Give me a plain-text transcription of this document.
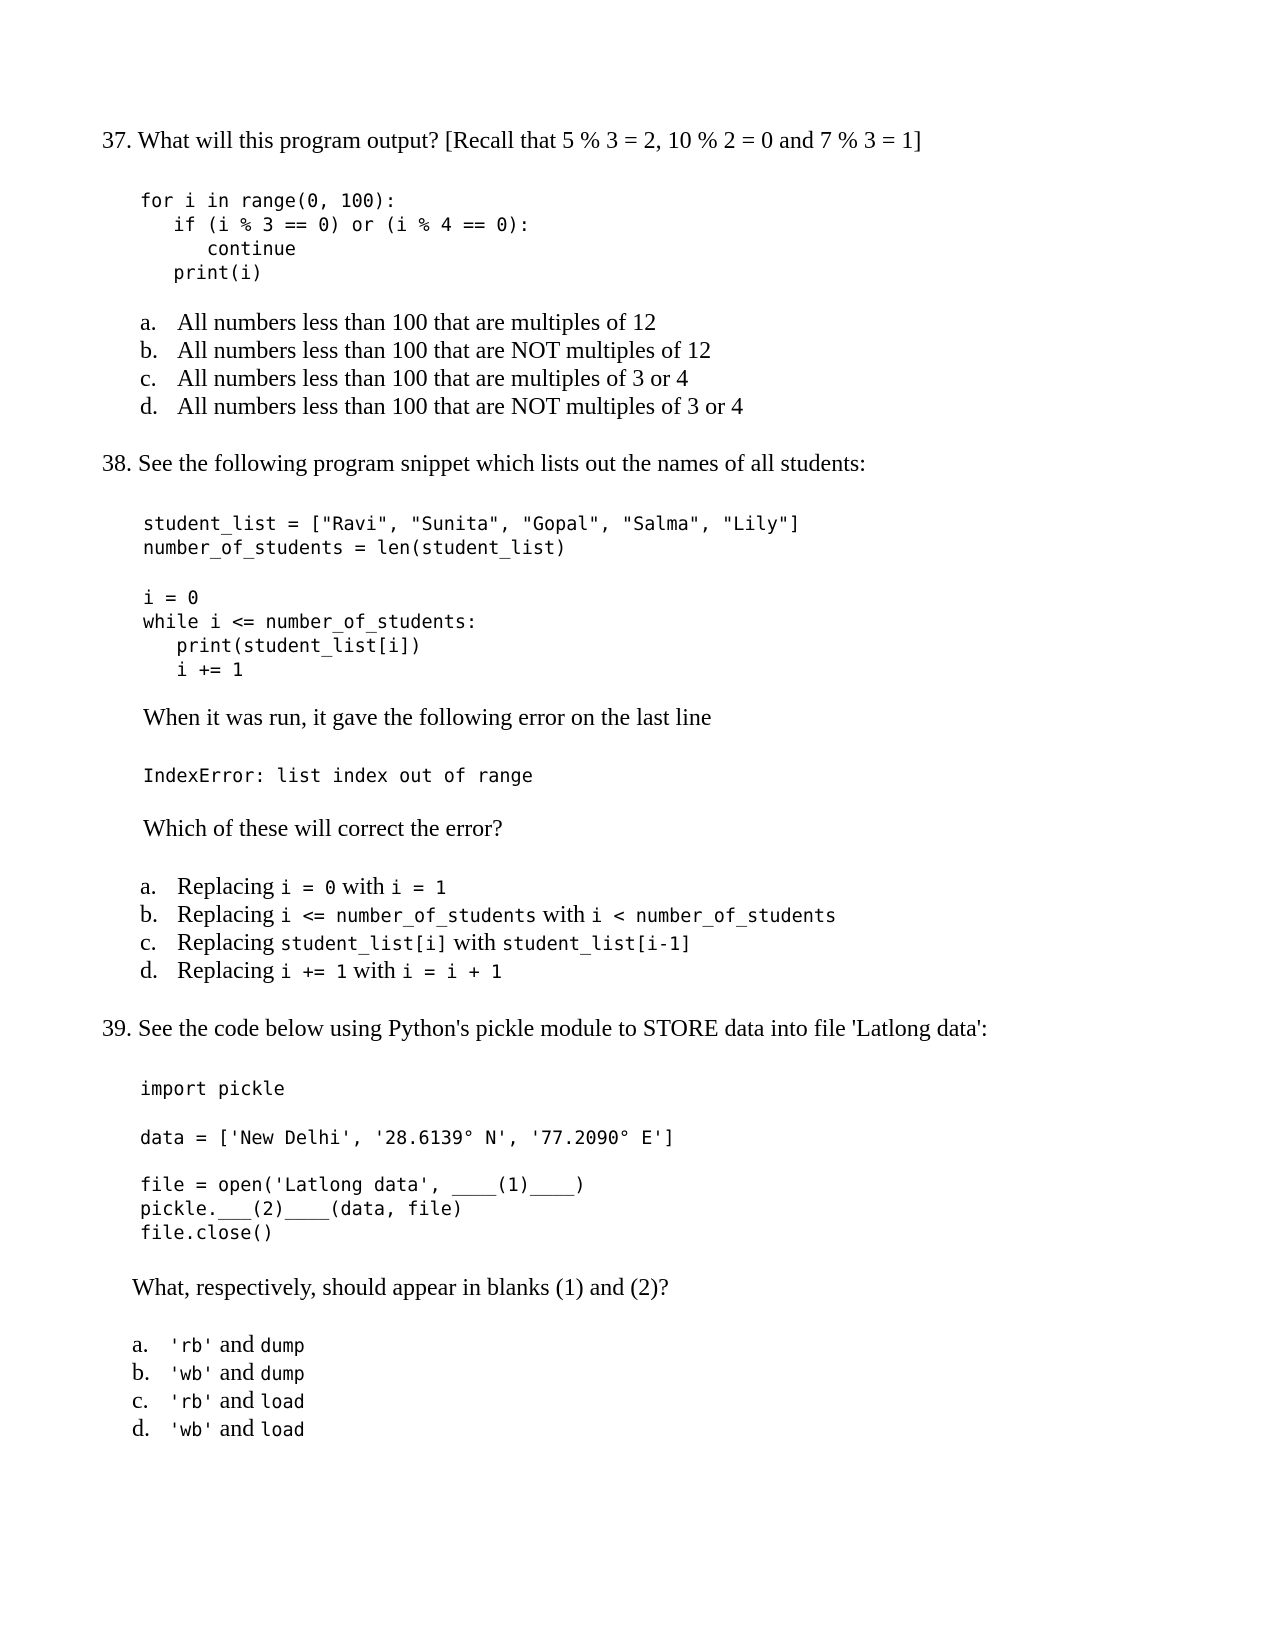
37. What will this program output? [Recall that 5 % 3 = 2, 10 % 2 = 0 and 7 % 3 = 1]
for i in range(0, 100):
if (i % 3 == 0) or (i % 4 == 0):
continue
print(i)
a. All numbers less than 100 that are multiples of 12
b. All numbers less than 100 that are NOT multiples of 12
c. All numbers less than 100 that are multiples of 3 or 4
d. All numbers less than 100 that are NOT multiples of 3 or 4
38. See the following program snippet which lists out the names of all students:
student_list = ["Ravi", "Sunita", "Gopal", "Salma", "Lily"]
number_of_students = len(student_list)
i = 0
while i <= number_of_students:
print(student_list[i])
i += 1
When it was run, it gave the following error on the last line
IndexError: list index out of range
Which of these will correct the error?
a. Replacing i = 0 with i = 1
b. Replacing i <= number_of_students with i < number_of_students
c. Replacing student_list[i] with student_list[i-1]
d. Replacing i += 1 with i = i + 1
39. See the code below using Python's pickle module to STORE data into file 'Latlong data':
import pickle
data = ['New Delhi', '28.6139° N', '77.2090° E']
file = open('Latlong data', ____(1)____)
pickle.___(2)____(data, file)
file.close()
What, respectively, should appear in blanks (1) and (2)?
a. 'rb' and dump
b. 'wb' and dump
c. 'rb' and load
d. 'wb' and load
